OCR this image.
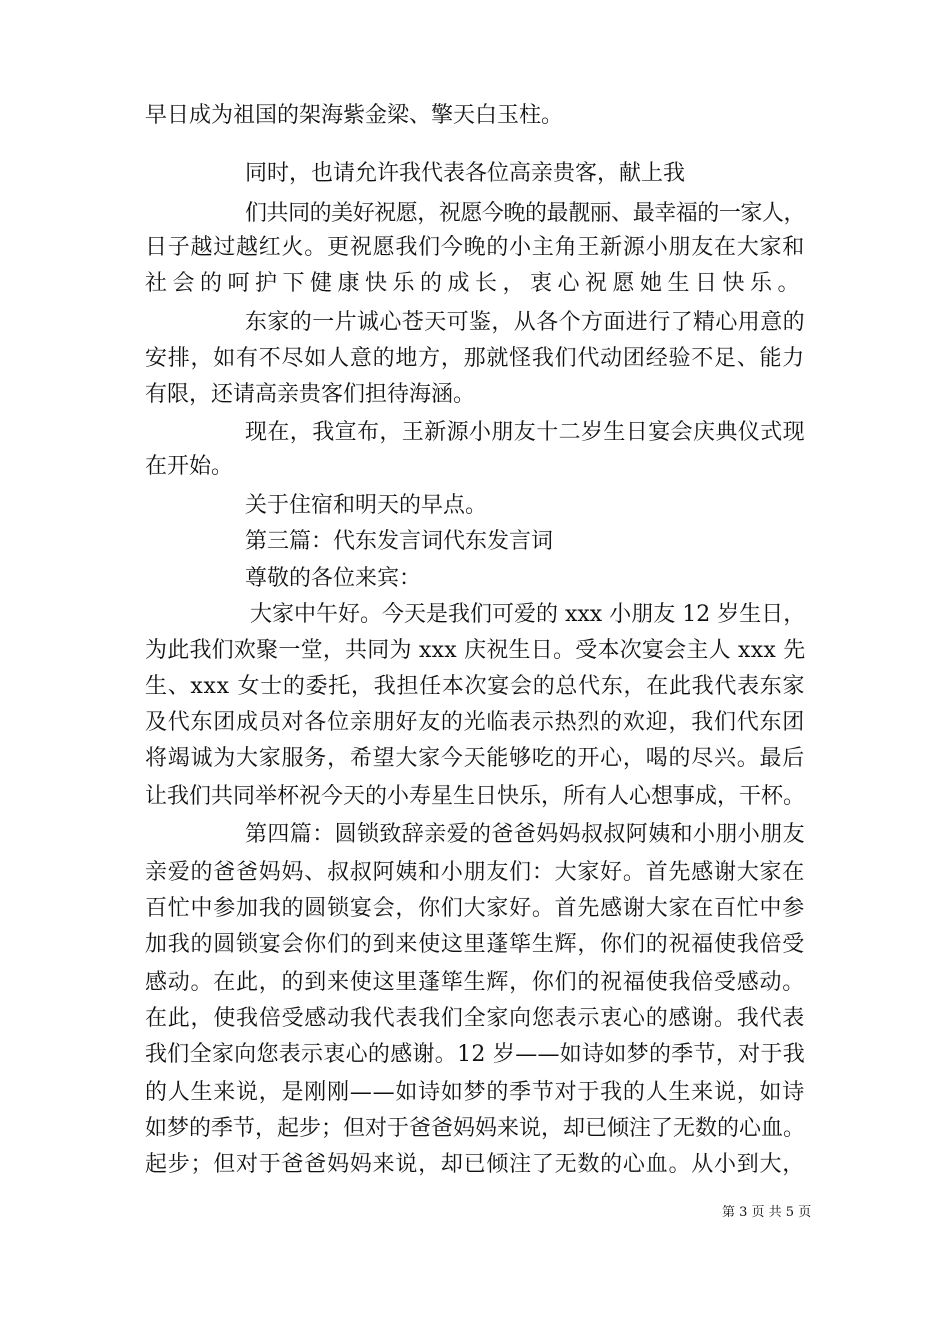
早日成为祖国的架海紫金梁、擎天白玉柱。
同时，也请允许我代表各位高亲贵客，献上我
们共同的美好祝愿，祝愿今晚的最靓丽、最幸福的一家人，
日子越过越红火。更祝愿我们今晚的小主角王新源小朋友在大家和
社会的呵护下健康快乐的成长，衷心祝愿她生日快乐。
东家的一片诚心苍天可鉴，从各个方面进行了精心用意的
安排，如有不尽如人意的地方，那就怪我们代动团经验不足、能力
有限，还请高亲贵客们担待海涵。
现在，我宣布，王新源小朋友十二岁生日宴会庆典仪式现
在开始。
关于住宿和明天的早点。
第三篇：代东发言词代东发言词
尊敬的各位来宾：
大家中午好。今天是我们可爱的 xxx 小朋友 12 岁生日，
为此我们欢聚一堂，共同为 xxx 庆祝生日。受本次宴会主人 xxx 先
生、xxx 女士的委托，我担任本次宴会的总代东，在此我代表东家
及代东团成员对各位亲朋好友的光临表示热烈的欢迎，我们代东团
将竭诚为大家服务，希望大家今天能够吃的开心，喝的尽兴。最后
让我们共同举杯祝今天的小寿星生日快乐，所有人心想事成，干杯。
第四篇：圆锁致辞亲爱的爸爸妈妈叔叔阿姨和小朋小朋友
亲爱的爸爸妈妈、叔叔阿姨和小朋友们：大家好。首先感谢大家在
百忙中参加我的圆锁宴会，你们大家好。首先感谢大家在百忙中参
加我的圆锁宴会你们的到来使这里蓬筚生辉，你们的祝福使我倍受
感动。在此，的到来使这里蓬筚生辉，你们的祝福使我倍受感动。
在此，使我倍受感动我代表我们全家向您表示衷心的感谢。我代表
我们全家向您表示衷心的感谢。12 岁——如诗如梦的季节，对于我
的人生来说，是刚刚——如诗如梦的季节对于我的人生来说，如诗
如梦的季节，起步；但对于爸爸妈妈来说，却已倾注了无数的心血。
起步；但对于爸爸妈妈来说，却已倾注了无数的心血。从小到大，
第 3 页 共 5 页
